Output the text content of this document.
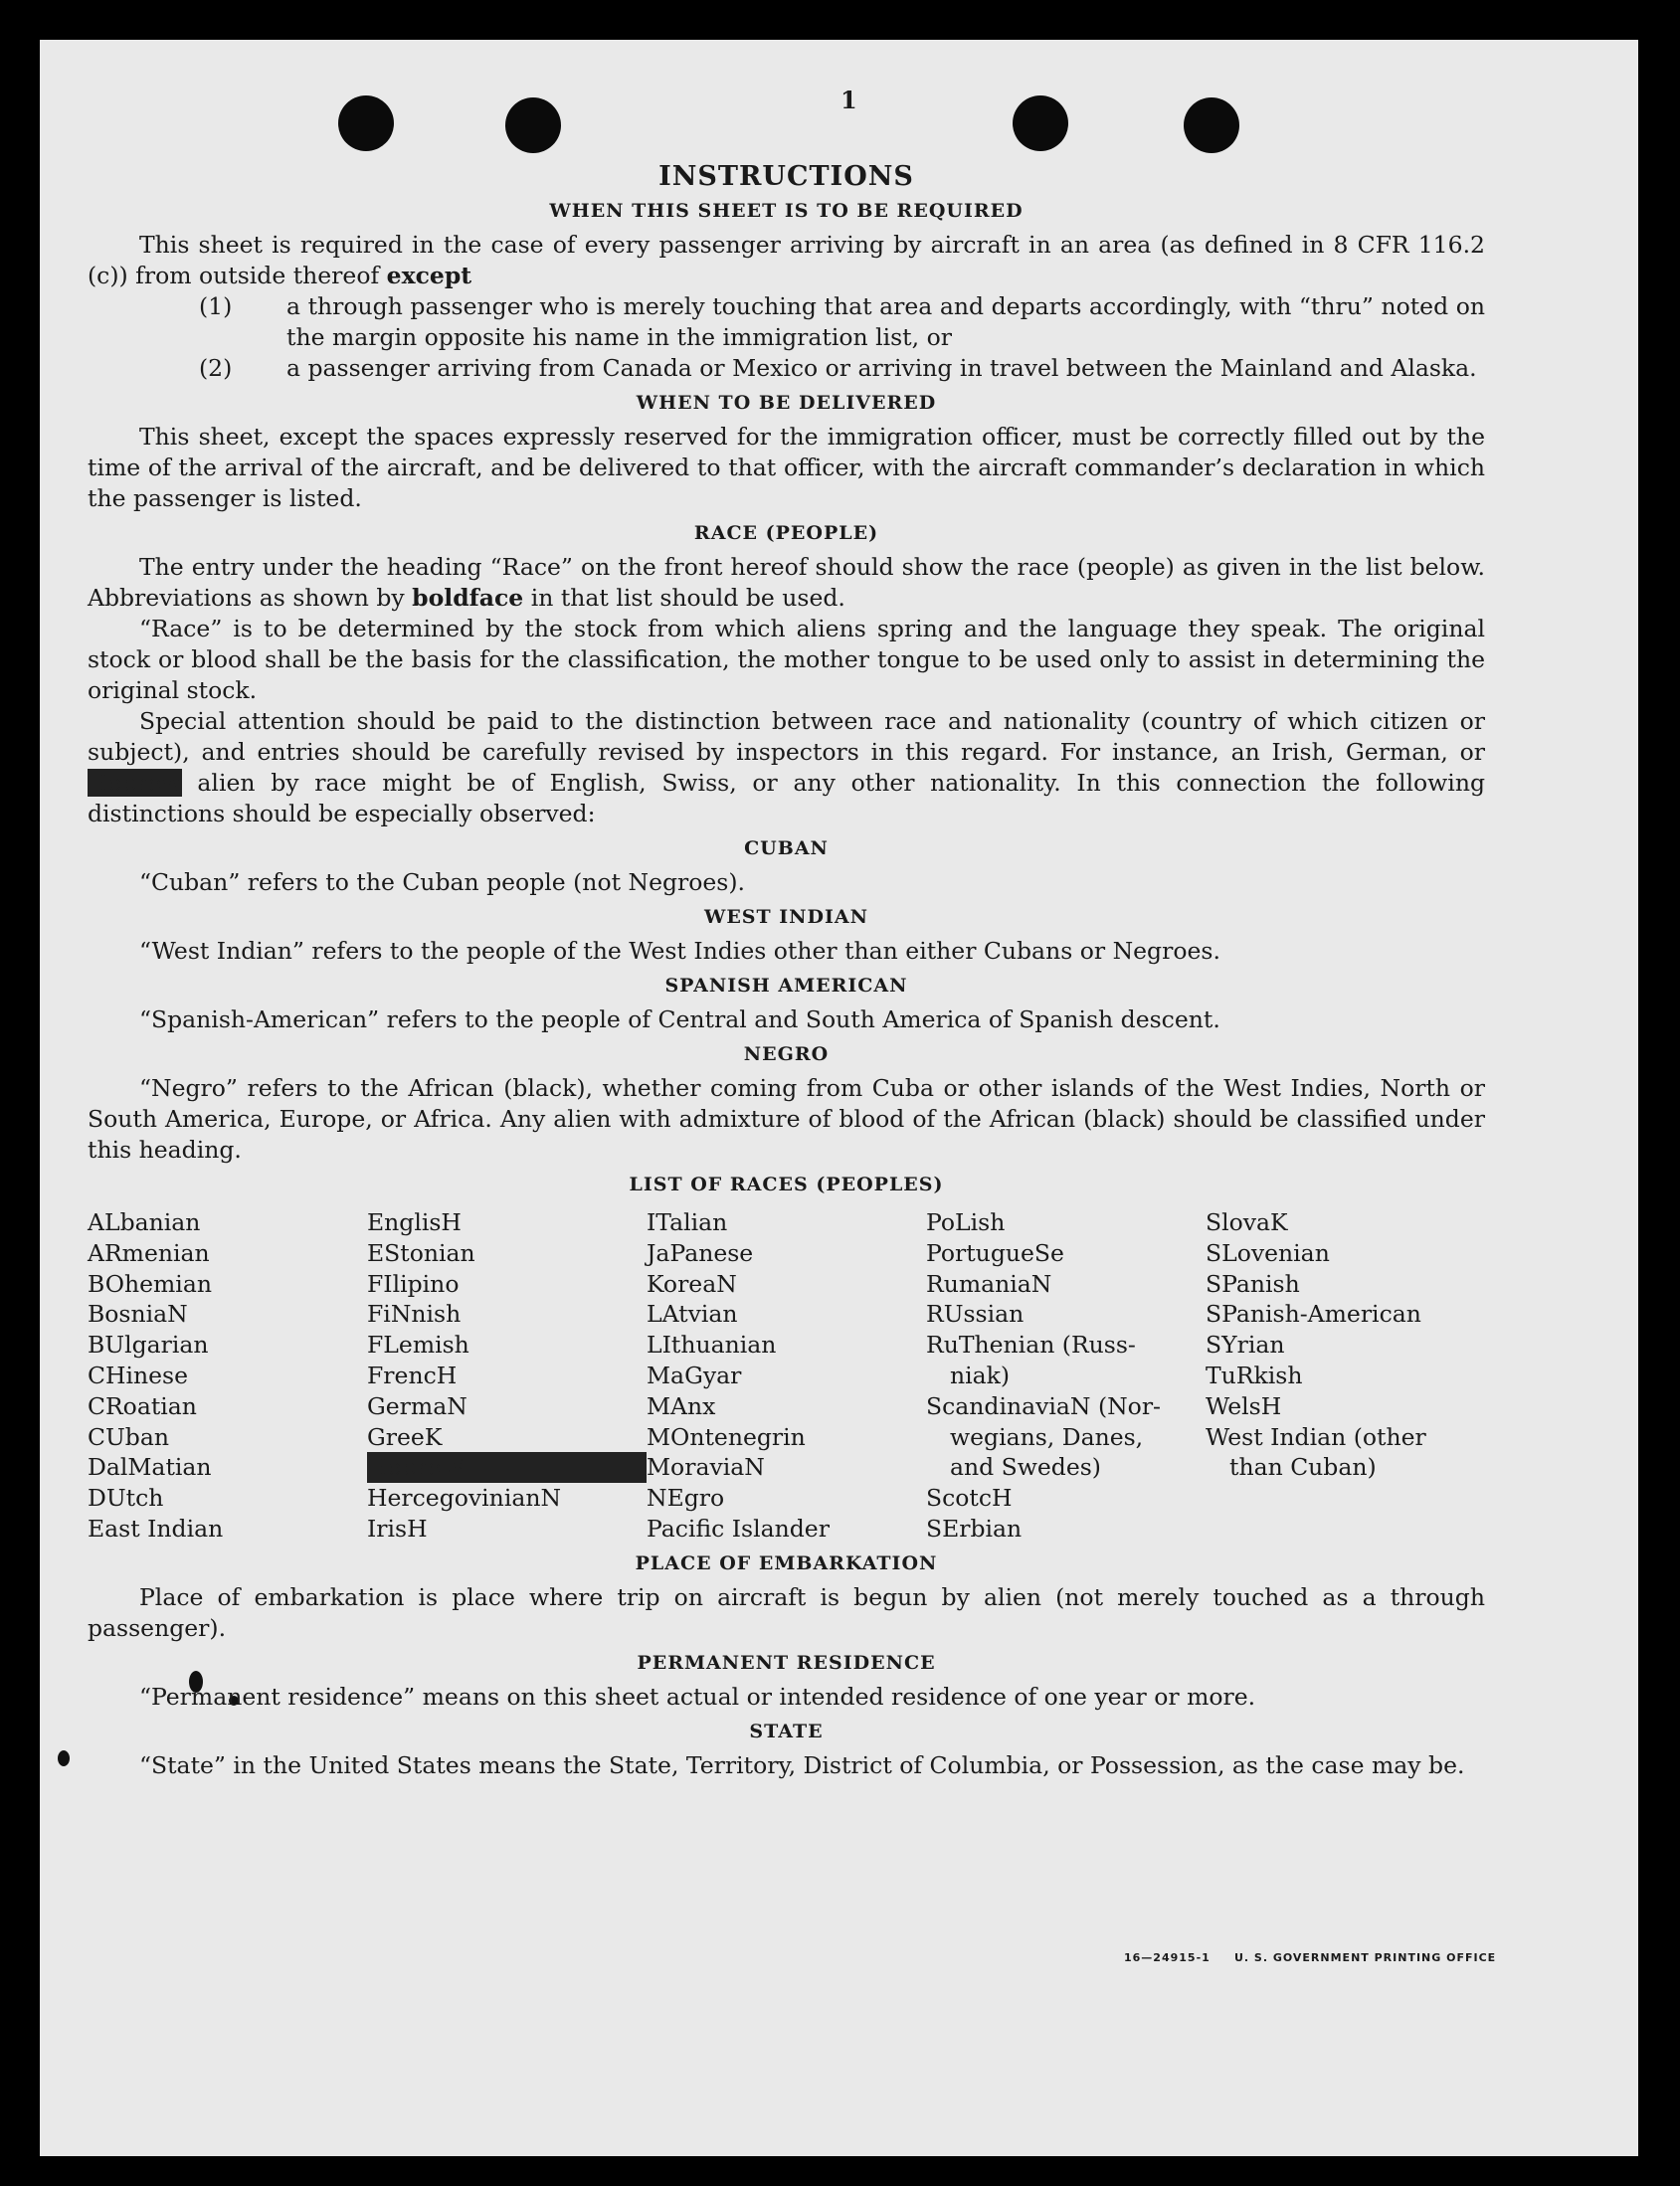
1
INSTRUCTIONS
WHEN THIS SHEET IS TO BE REQUIRED

This sheet is required in the case of every passenger arriving by aircraft in an area (as defined in 8 CFR 116.2 (c)) from outside thereof except

(1) a through passenger who is merely touching that area and departs accordingly, with “thru” noted on the margin opposite his name in the immigration list, or
(2) a passenger arriving from Canada or Mexico or arriving in travel between the Mainland and Alaska.
WHEN TO BE DELIVERED

This sheet, except the spaces expressly reserved for the immigration officer, must be correctly filled out by the time of the arrival of the aircraft, and be delivered to that officer, with the aircraft commander’s declaration in which the passenger is listed.

RACE (PEOPLE)

The entry under the heading “Race” on the front hereof should show the race (people) as given in the list below. Abbreviations as shown by boldface in that list should be used.

“Race” is to be determined by the stock from which aliens spring and the language they speak. The original stock or blood shall be the basis for the classification, the mother tongue to be used only to assist in determining the original stock.

Special attention should be paid to the distinction between race and nationality (country of which citizen or subject), and entries should be carefully revised by inspectors in this regard. For instance, an Irish, German, or Hebrew alien by race might be of English, Swiss, or any other nationality. In this connection the following distinctions should be especially observed:

CUBAN

“Cuban” refers to the Cuban people (not Negroes).

WEST INDIAN

“West Indian” refers to the people of the West Indies other than either Cubans or Negroes.

SPANISH AMERICAN

“Spanish-American” refers to the people of Central and South America of Spanish descent.

NEGRO

“Negro” refers to the African (black), whether coming from Cuba or other islands of the West Indies, North or South America, Europe, or Africa. Any alien with admixture of blood of the African (black) should be classified under this heading.

LIST OF RACES (PEOPLES)
ALbanian
ARmenian
BOhemian
BosniaN
BUlgarian
CHinese
CRoatian
CUban
DalMatian
DUtch
East Indian
EnglisH
EStonian
FIlipino
FiNnish
FLemish
FrencH
GermaN
GreeK
HebreW
HercegovinianN
IrisH
ITalian
JaPanese
KoreaN
LAtvian
LIthuanian
MaGyar
MAnx
MOntenegrin
MoraviaN
NEgro
Pacific Islander
PoLish
PortugueSe
RumaniaN
RUssian
RuThenian (Russ-
niak)
ScandinaviaN (Nor-
wegians, Danes,
and Swedes)
ScotcH
SErbian
SlovaK
SLovenian
SPanish
SPanish-American
SYrian
TuRkish
WelsH
West Indian (other
than Cuban)
PLACE OF EMBARKATION

Place of embarkation is place where trip on aircraft is begun by alien (not merely touched as a through passenger).

PERMANENT RESIDENCE

“Permanent residence” means on this sheet actual or intended residence of one year or more.

STATE

“State” in the United States means the State, Territory, District of Columbia, or Possession, as the case may be.

16—24915-1 U. S. GOVERNMENT PRINTING OFFICE
